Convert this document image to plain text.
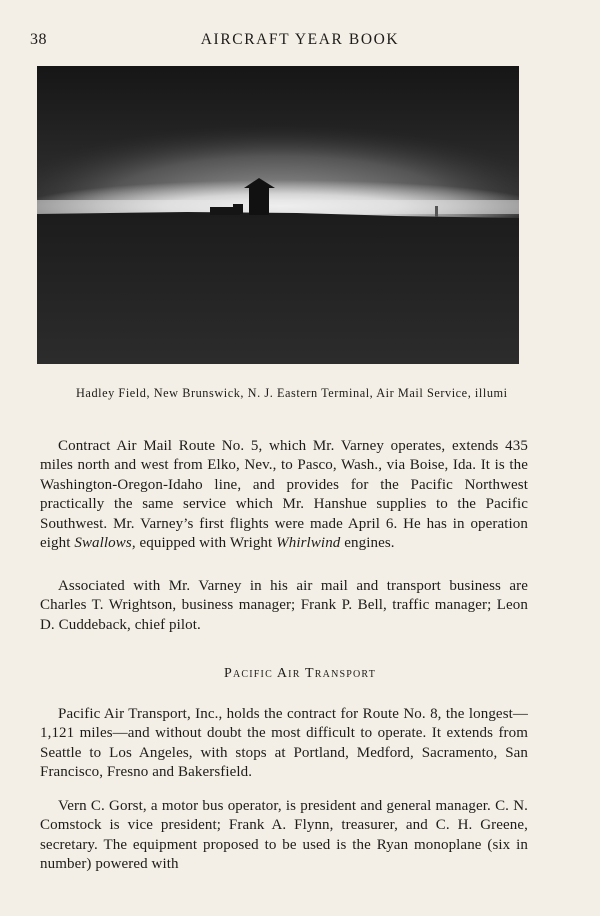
38	AIRCRAFT YEAR BOOK
Hadley Field, New Brunswick, N. J. Eastern Terminal, Air Mail Service, illumi

Contract Air Mail Route No. 5, which Mr. Varney operates, extends 435 miles north and west from Elko, Nev., to Pasco, Wash., via Boise, Ida. It is the Washington-Oregon-Idaho line, and provides for the Pacific Northwest practically the same service which Mr. Hanshue supplies to the Pacific Southwest. Mr. Varney’s first flights were made April 6. He has in operation eight Swallows, equipped with Wright Whirlwind engines.

Associated with Mr. Varney in his air mail and transport business are Charles T. Wrightson, business manager; Frank P. Bell, traffic manager; Leon D. Cuddeback, chief pilot.

Pacific Air Transport

Pacific Air Transport, Inc., holds the contract for Route No. 8, the longest—1,121 miles—and without doubt the most difficult to operate. It extends from Seattle to Los Angeles, with stops at Portland, Medford, Sacramento, San Francisco, Fresno and Bakersfield.

Vern C. Gorst, a motor bus operator, is president and general manager. C. N. Comstock is vice president; Frank A. Flynn, treasurer, and C. H. Greene, secretary. The equipment proposed to be used is the Ryan monoplane (six in number) powered with
